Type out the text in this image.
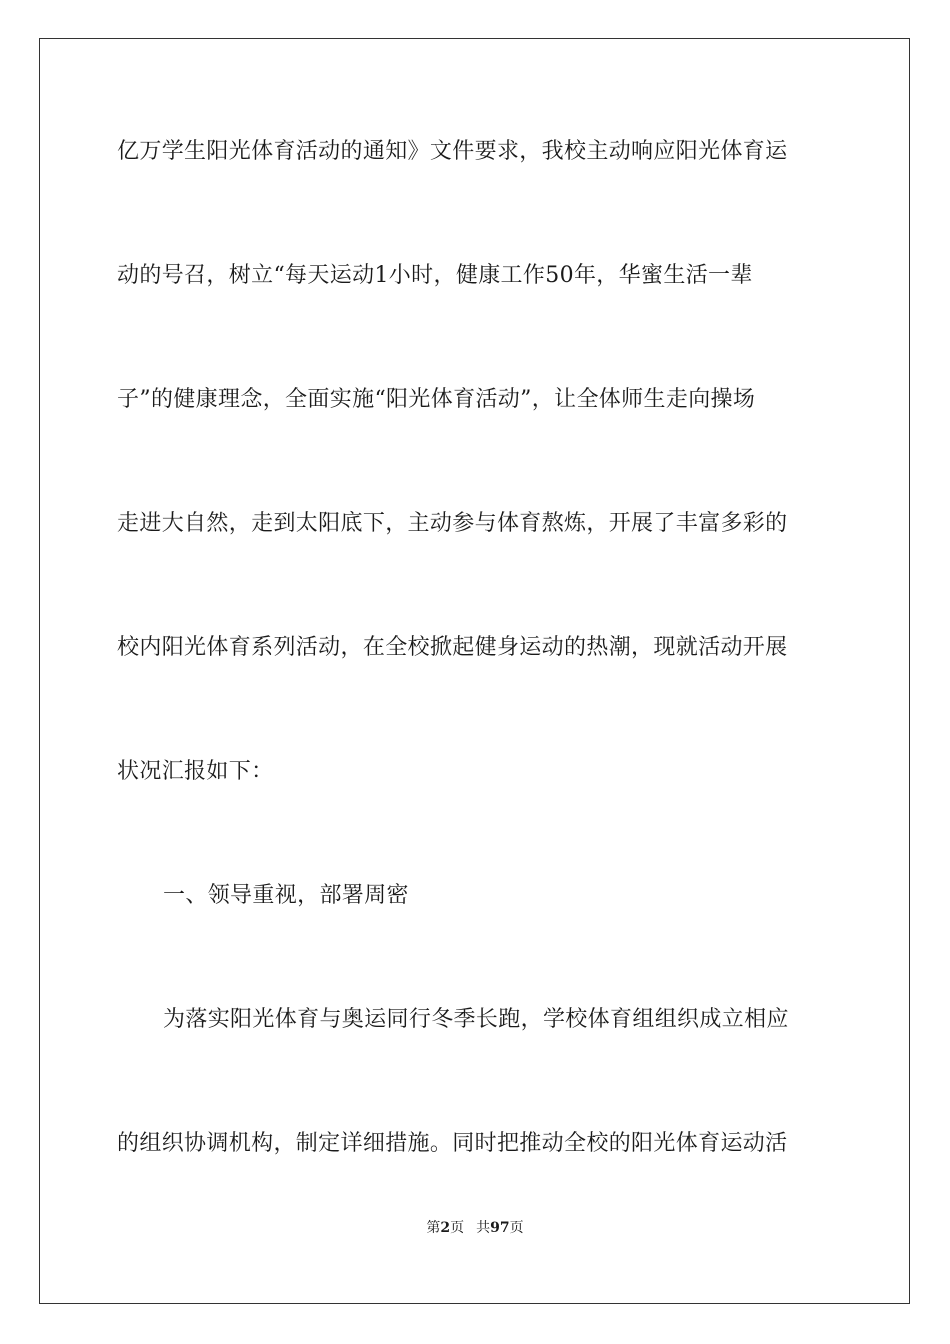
亿万学生阳光体育活动的通知》文件要求，我校主动响应阳光体育运
动的号召，树立“每天运动1小时，健康工作50年，华蜜生活一辈
子”的健康理念，全面实施“阳光体育活动”，让全体师生走向操场
走进大自然，走到太阳底下，主动参与体育熬炼，开展了丰富多彩的
校内阳光体育系列活动，在全校掀起健身运动的热潮，现就活动开展
状况汇报如下：
一、领导重视，部署周密
为落实阳光体育与奥运同行冬季长跑，学校体育组组织成立相应
的组织协调机构，制定详细措施。同时把推动全校的阳光体育运动活
第2页 共97页
